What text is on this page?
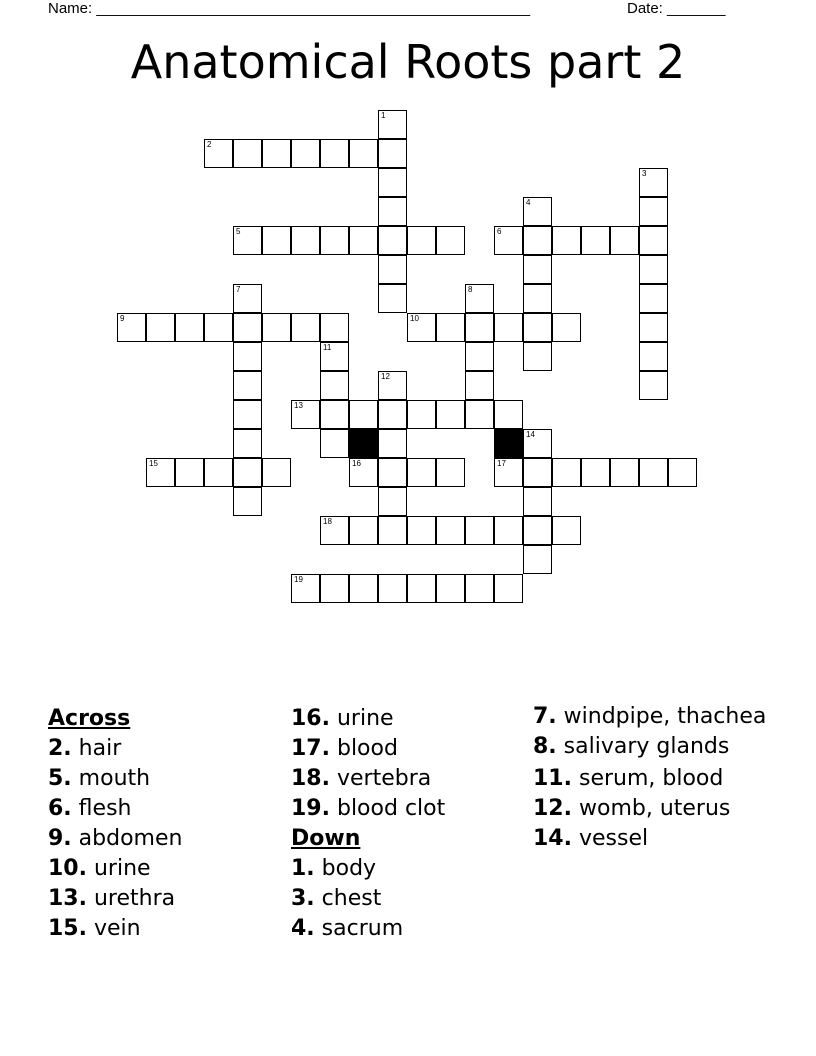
Name: ____________________________________________________	Date: _______
Anatomical Roots part 2
2
5	6
9	10
13
15	16	17
18
19
1
3
4
7	8
11
12
14
Across
2. hair
5. mouth
6. flesh
9. abdomen
10. urine
13. urethra
15. vein
16. urine
17. blood
18. vertebra
19. blood clot
Down
1. body
3. chest
4. sacrum
7. windpipe, thachea
8. salivary glands
11. serum, blood
12. womb, uterus
14. vessel
